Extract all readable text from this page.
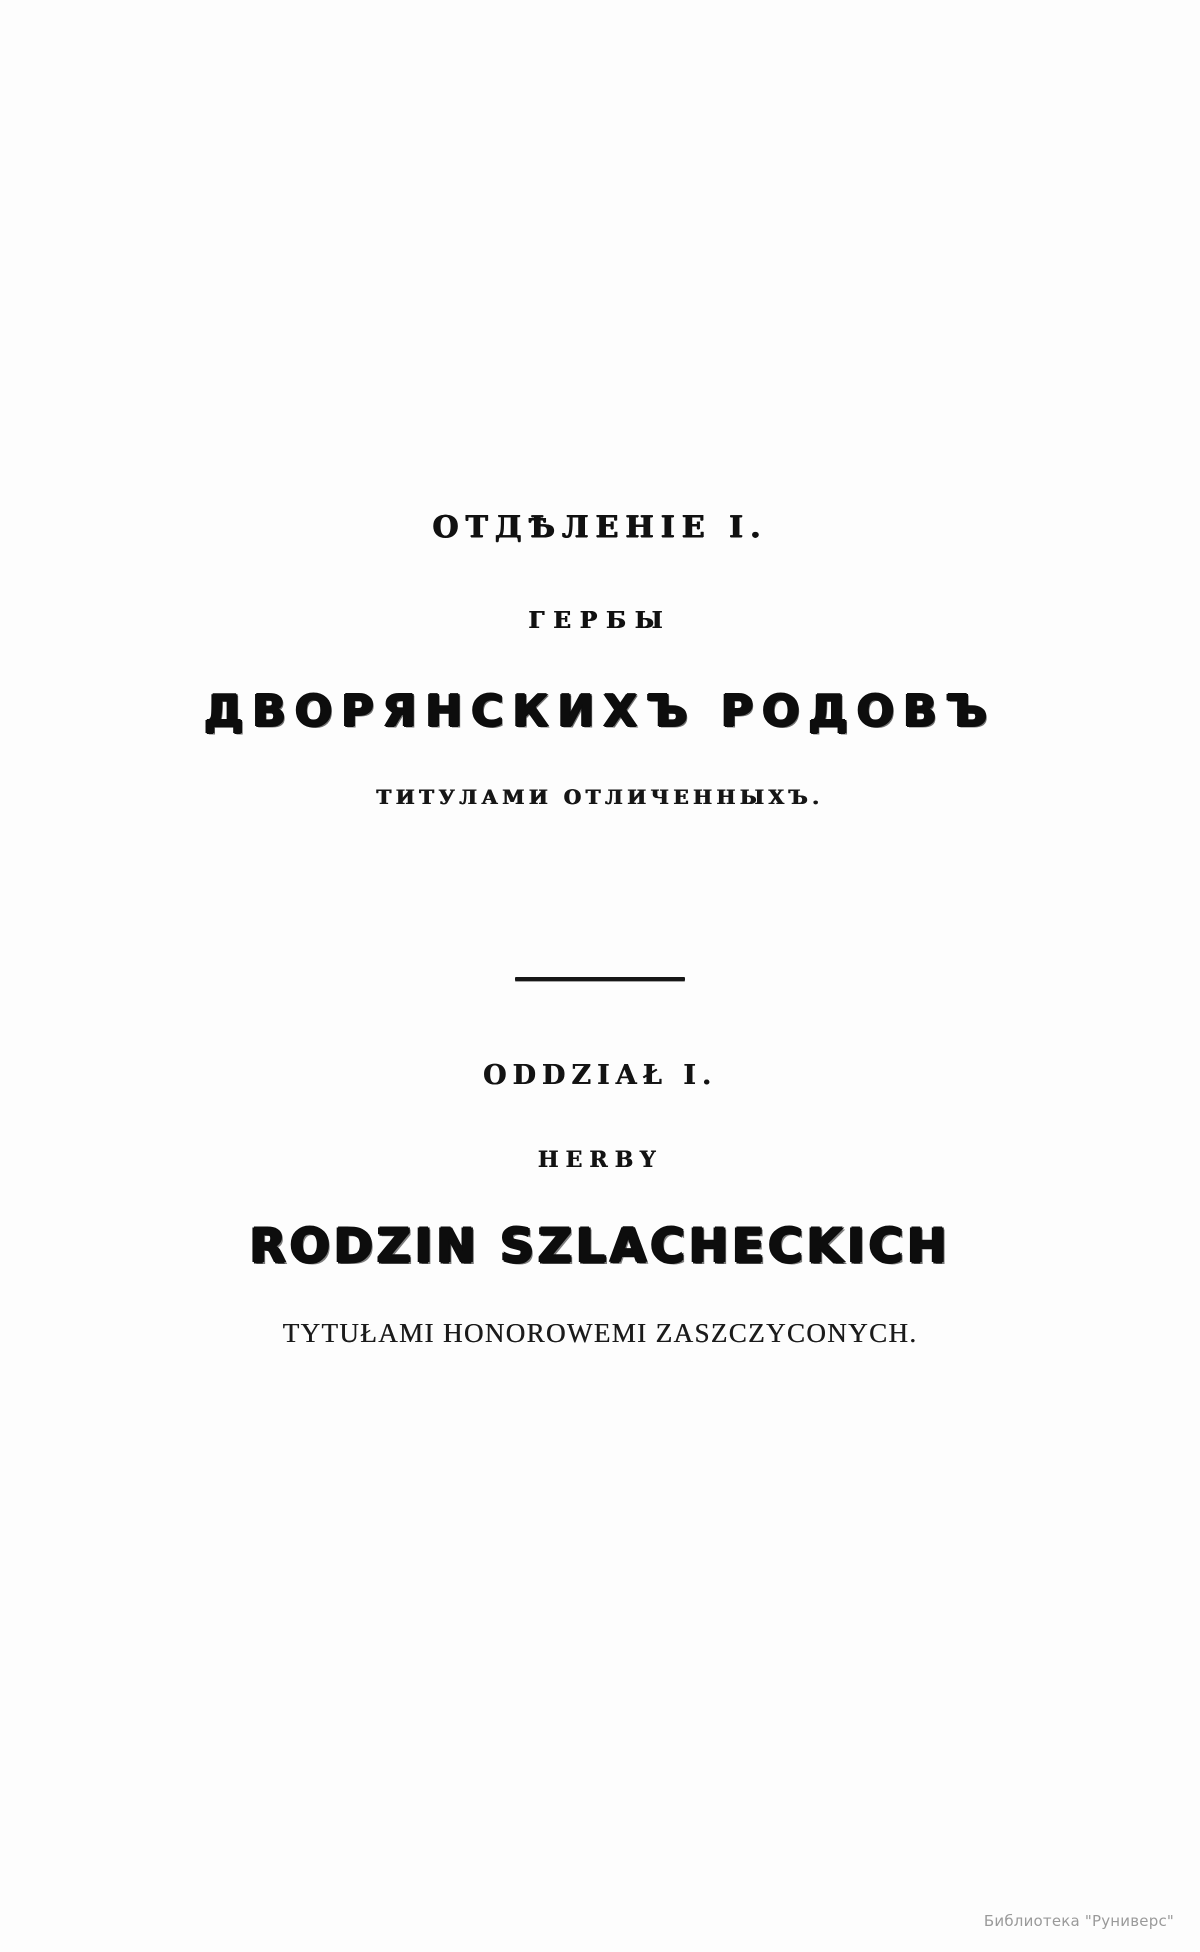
ОТДѢЛЕНІЕ I.
ГЕРБЫ
ДВОРЯНСКИХЪ РОДОВЪ
ТИТУЛАМИ ОТЛИЧЕННЫХЪ.
ODDZIAŁ I.
HERBY
RODZIN SZLACHECKICH
TYTUŁAMI HONOROWEMI ZASZCZYCONYCH.
Библиотека "Руниверс"
